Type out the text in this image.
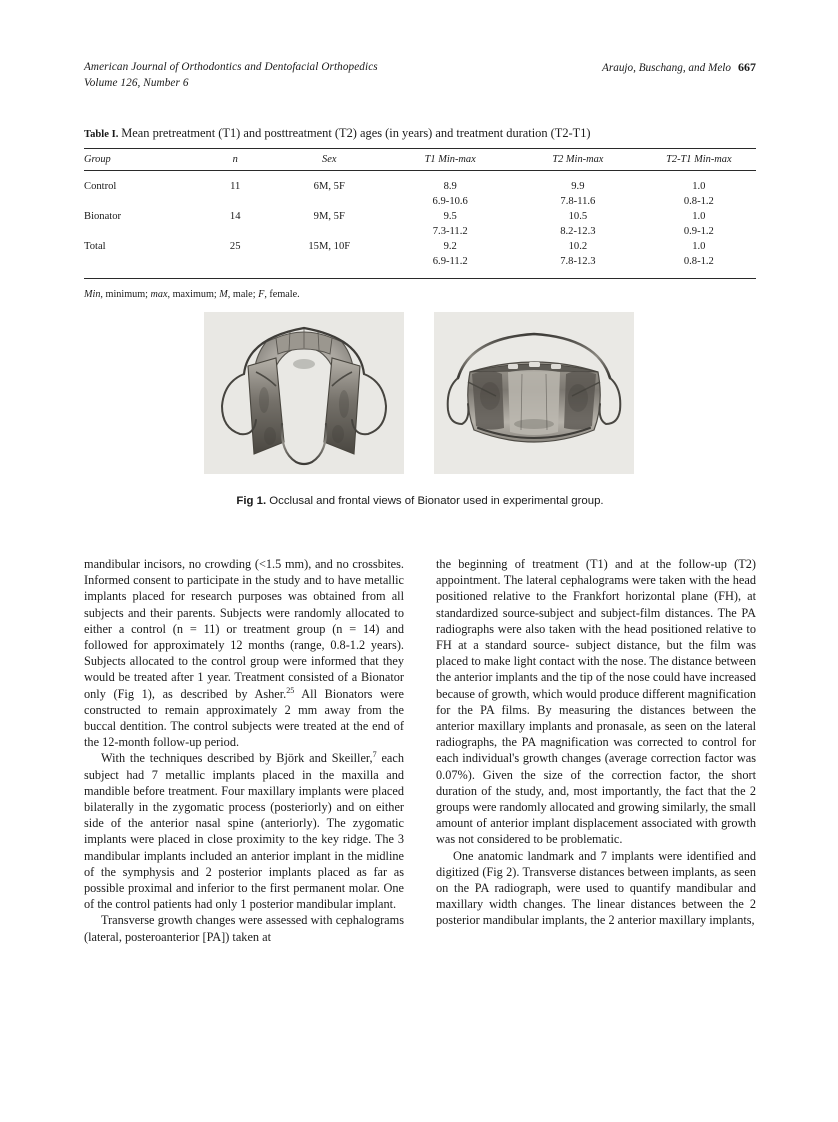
American Journal of Orthodontics and Dentofacial Orthopedics
Volume 126, Number 6
Araujo, Buschang, and Melo 667
Table I. Mean pretreatment (T1) and posttreatment (T2) ages (in years) and treatment duration (T2-T1)
Group	n	Sex	T1 Min-max	T2 Min-max	T2-T1 Min-max
Control	11	6M, 5F	8.9	9.9	1.0
			6.9-10.6	7.8-11.6	0.8-1.2
Bionator	14	9M, 5F	9.5	10.5	1.0
			7.3-11.2	8.2-12.3	0.9-1.2
Total	25	15M, 10F	9.2	10.2	1.0
			6.9-11.2	7.8-12.3	0.8-1.2
Min, minimum; max, maximum; M, male; F, female.
Fig 1. Occlusal and frontal views of Bionator used in experimental group.

mandibular incisors, no crowding (<1.5 mm), and no crossbites. Informed consent to participate in the study and to have metallic implants placed for research purposes was obtained from all subjects and their parents. Subjects were randomly allocated to either a control (n = 11) or treatment group (n = 14) and followed for approximately 12 months (range, 0.8-1.2 years). Subjects allocated to the control group were informed that they would be treated after 1 year. Treatment consisted of a Bionator only (Fig 1), as described by Asher.$^{25}$ All Bionators were constructed to remain approximately 2 mm away from the buccal dentition. The control subjects were treated at the end of the 12-month follow-up period.

With the techniques described by Björk and Skeiller,$^7$ each subject had 7 metallic implants placed in the maxilla and mandible before treatment. Four maxillary implants were placed bilaterally in the zygomatic process (posteriorly) and on either side of the anterior nasal spine (anteriorly). The zygomatic implants were placed in close proximity to the key ridge. The 3 mandibular implants included an anterior implant in the midline of the symphysis and 2 posterior implants placed as far as possible proximal and inferior to the first permanent molar. One of the control patients had only 1 posterior mandibular implant.

Transverse growth changes were assessed with cephalograms (lateral, posteroanterior [PA]) taken at

the beginning of treatment (T1) and at the follow-up (T2) appointment. The lateral cephalograms were taken with the head positioned relative to the Frankfort horizontal plane (FH), at standardized source-subject and subject-film distances. The PA radiographs were also taken with the head positioned relative to FH at a standard source- subject distance, but the film was placed to make light contact with the nose. The distance between the anterior implants and the tip of the nose could have increased because of growth, which would produce different magnification for the PA films. By measuring the distances between the anterior maxillary implants and pronasale, as seen on the lateral radiographs, the PA magnification was corrected to control for each individual's growth changes (average correction factor was 0.07%). Given the size of the correction factor, the short duration of the study, and, most importantly, the fact that the 2 groups were randomly allocated and growing similarly, the small amount of anterior implant displacement associated with growth was not considered to be problematic.

One anatomic landmark and 7 implants were identified and digitized (Fig 2). Transverse distances between implants, as seen on the PA radiograph, were used to quantify mandibular and maxillary width changes. The linear distances between the 2 posterior mandibular implants, the 2 anterior maxillary implants,
